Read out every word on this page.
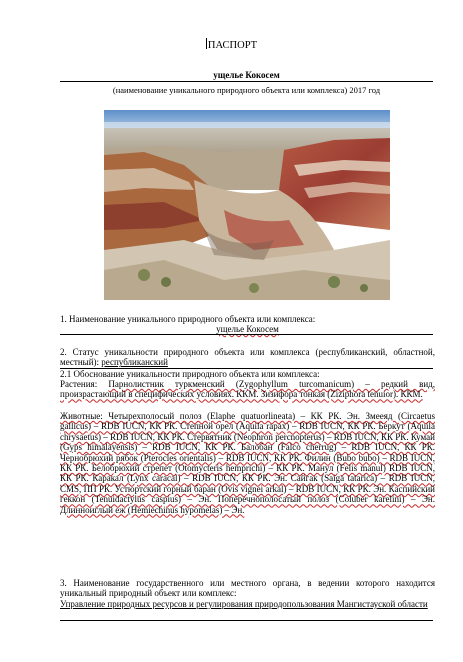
ПАСПОРТ
ущелье Кокосем
(наименование уникального природного объекта или комплекса) 2017 год
1. Наименование уникального природного объекта или комплекса:
ущелье Кокосем
2. Статус уникальности природного объекта или комплекса (республиканский, областной, местный): республиканский
2.1 Обоснование уникальности природного объекта или комплекса:
Растения: Парнолистник туркменский (Zygophyllum turcomanicum) – редкий вид, произрастающий в специфических условиях. ККМ. Зизифора тонкая (Ziziphora tenuior). ККМ.
Животные: Четырехполосый полоз (Elaphe quatuorlineata) – КК РК. Эн. Змееяд (Circaetus gallicus) – RDB IUCN, КК РК. Степной орел (Aquila rapax) – RDB IUCN, КК РК. Беркут (Aquila chrysaetus) – RDB IUCN, КК РК. Стервятник (Neophron percnopterus) – RDB IUCN, КК РК. Кумай (Gyps himalayensis) – RDB IUCN, КК РК. Балобан (Falco cherrug) – RDB IUCN, КК РК. Чернобрюхий рябок (Pterocles orientalis) – RDB IUCN, КК РК. Филин (Bubo bubo) – RDB IUCN, КК РК. Белобрюхий стрепет (Otomycteris hemprichi) – КК РК. Манул (Felis manul) RDB IUCN, КК РК. Каракал (Lynx caracal) – RDB IUCN, КК РК. Эн. Сайгак (Saiga tatarica) – RDB IUCN, CMS, ПП РК. Устюртский горный баран (Ovis vignei arkal) – RDB IUCN, КК РК. Эн. Каспийский геккон (Tenuidactylus caspius) – Эн. Поперечнополосатый полоз (Coluber karelini) – Эн. Длинноиглый еж (Hemiechinus hypomelas) – Эн.
3. Наименование государственного или местного органа, в ведении которого находится уникальный природный объект или комплекс:
Управление природных ресурсов и регулирования природопользования Мангистауской области
